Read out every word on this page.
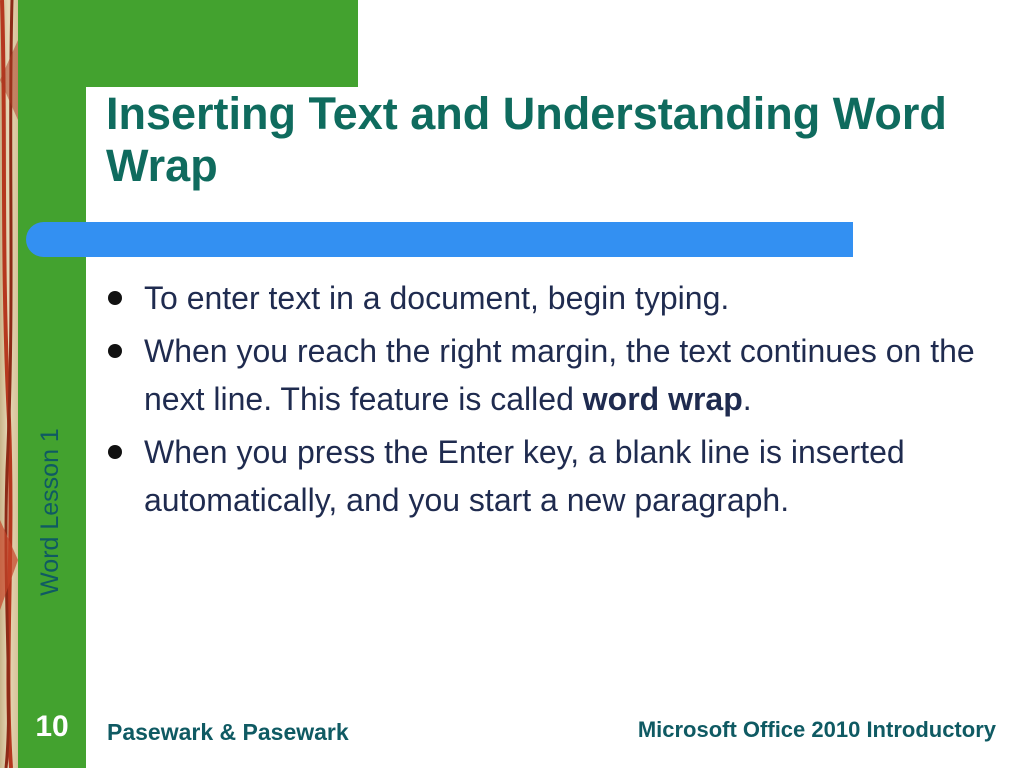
Inserting Text and Understanding Word Wrap
To enter text in a document, begin typing.
When you reach the right margin, the text continues on the next line. This feature is called word wrap.
When you press the Enter key, a blank line is inserted automatically, and you start a new paragraph.
Word Lesson 1
10	Pasewark & Pasewark	Microsoft Office 2010 Introductory
